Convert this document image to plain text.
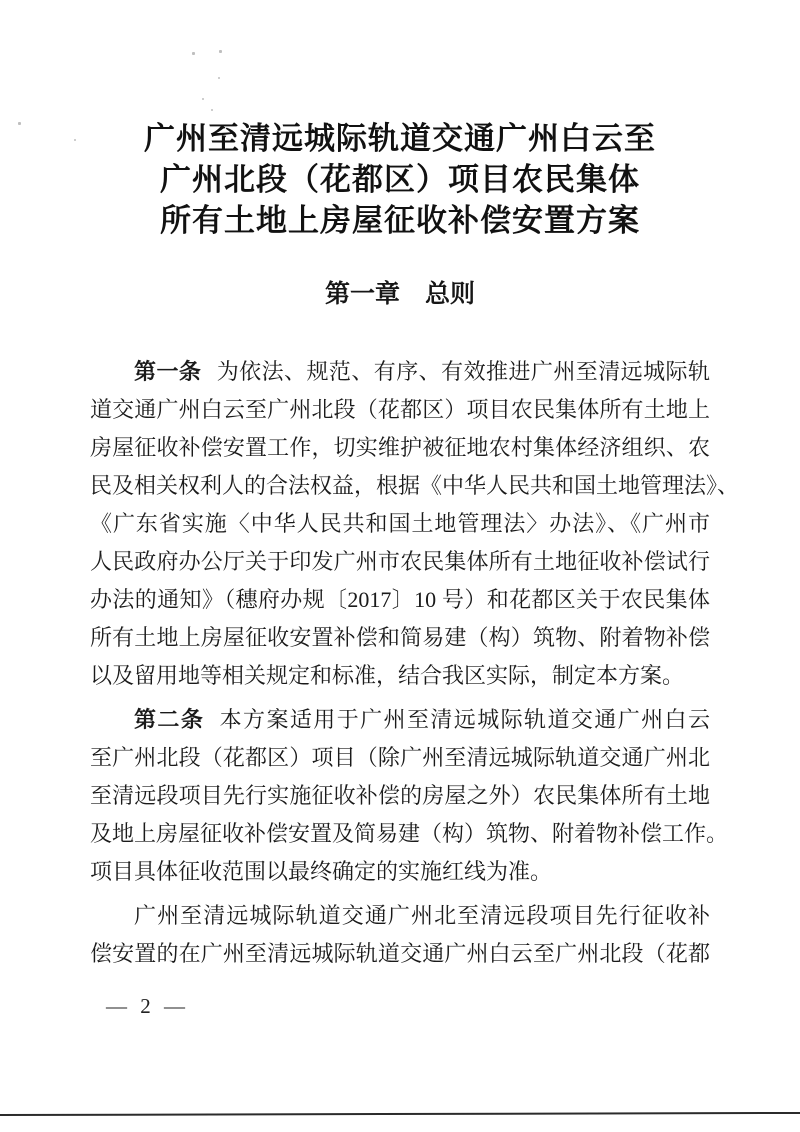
广州至清远城际轨道交通广州白云至
广州北段（花都区）项目农民集体
所有土地上房屋征收补偿安置方案
第一章　总则
第一条 为依法、规范、有序、有效推进广州至清远城际轨
道交通广州白云至广州北段（花都区）项目农民集体所有土地上
房屋征收补偿安置工作，切实维护被征地农村集体经济组织、农
民及相关权利人的合法权益，根据《中华人民共和国土地管理法》、
《广东省实施〈中华人民共和国土地管理法〉办法》、《广州市
人民政府办公厅关于印发广州市农民集体所有土地征收补偿试行
办法的通知》（穗府办规〔2017〕10 号）和花都区关于农民集体
所有土地上房屋征收安置补偿和简易建（构）筑物、附着物补偿
以及留用地等相关规定和标准，结合我区实际，制定本方案。
第二条 本方案适用于广州至清远城际轨道交通广州白云
至广州北段（花都区）项目（除广州至清远城际轨道交通广州北
至清远段项目先行实施征收补偿的房屋之外）农民集体所有土地
及地上房屋征收补偿安置及简易建（构）筑物、附着物补偿工作。
项目具体征收范围以最终确定的实施红线为准。
广州至清远城际轨道交通广州北至清远段项目先行征收补
偿安置的在广州至清远城际轨道交通广州白云至广州北段（花都
— 2 —
